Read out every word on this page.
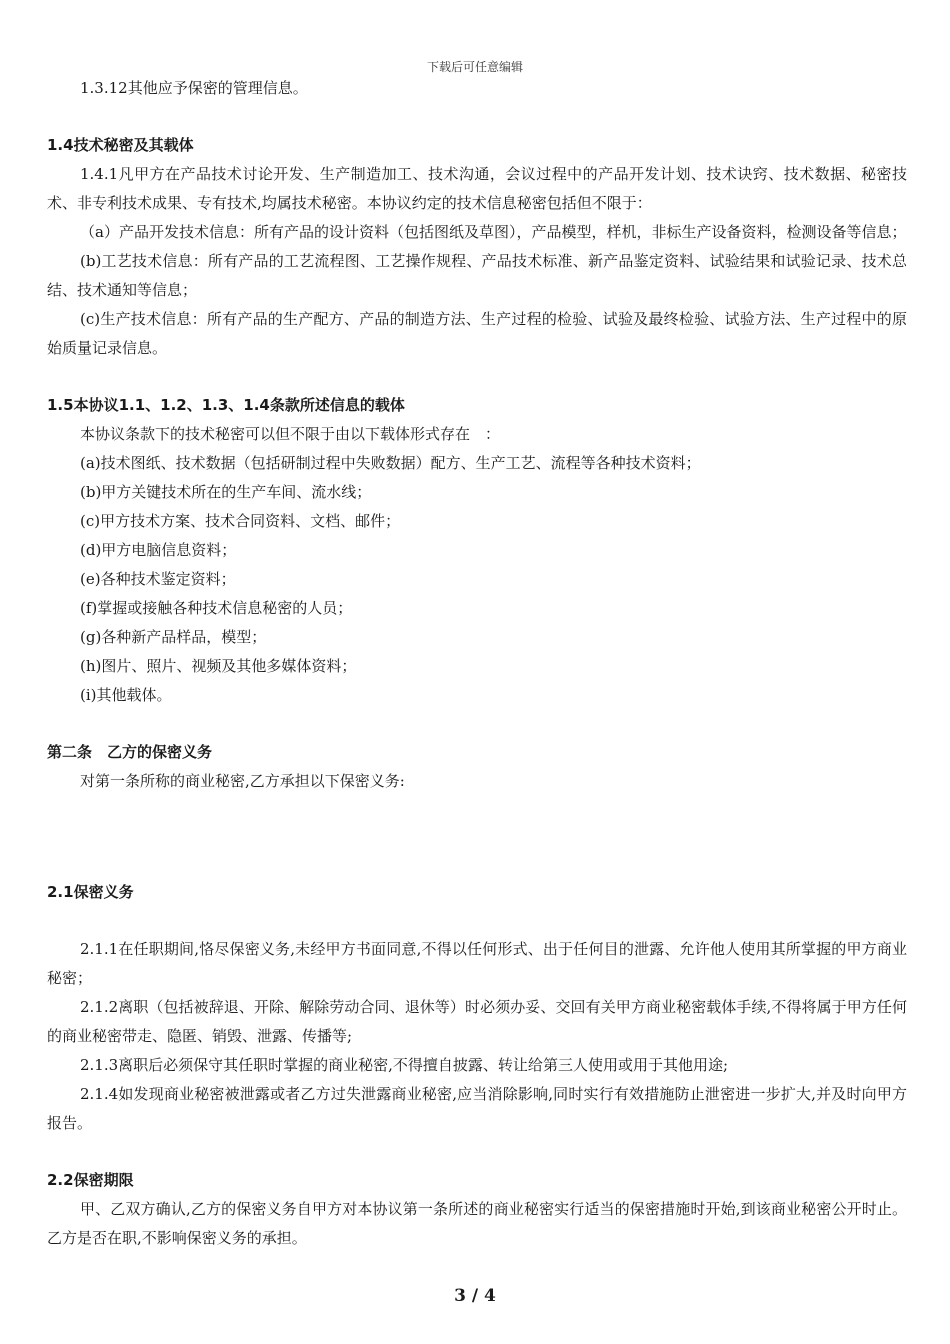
下载后可任意编辑

1.3.12其他应予保密的管理信息。

1.4技术秘密及其载体

1.4.1凡甲方在产品技术讨论开发、生产制造加工、技术沟通，会议过程中的产品开发计划、技术诀窍、技术数据、秘密技术、非专利技术成果、专有技术,均属技术秘密。本协议约定的技术信息秘密包括但不限于：

（a）产品开发技术信息：所有产品的设计资料（包括图纸及草图），产品模型，样机，非标生产设备资料，检测设备等信息；

(b)工艺技术信息：所有产品的工艺流程图、工艺操作规程、产品技术标准、新产品鉴定资料、试验结果和试验记录、技术总结、技术通知等信息；

(c)生产技术信息：所有产品的生产配方、产品的制造方法、生产过程的检验、试验及最终检验、试验方法、生产过程中的原始质量记录信息。

1.5本协议1.1、1.2、1.3、1.4条款所述信息的载体

本协议条款下的技术秘密可以但不限于由以下载体形式存在　：

(a)技术图纸、技术数据（包括研制过程中失败数据）配方、生产工艺、流程等各种技术资料；

(b)甲方关键技术所在的生产车间、流水线；

(c)甲方技术方案、技术合同资料、文档、邮件；

(d)甲方电脑信息资料；

(e)各种技术鉴定资料；

(f)掌握或接触各种技术信息秘密的人员；

(g)各种新产品样品，模型；

(h)图片、照片、视频及其他多媒体资料；

(i)其他载体。

第二条　乙方的保密义务

对第一条所称的商业秘密,乙方承担以下保密义务:

2.1保密义务

2.1.1在任职期间,恪尽保密义务,未经甲方书面同意,不得以任何形式、出于任何目的泄露、允许他人使用其所掌握的甲方商业秘密；

2.1.2离职（包括被辞退、开除、解除劳动合同、退休等）时必须办妥、交回有关甲方商业秘密载体手续,不得将属于甲方任何的商业秘密带走、隐匿、销毁、泄露、传播等;

2.1.3离职后必须保守其任职时掌握的商业秘密,不得擅自披露、转让给第三人使用或用于其他用途;

2.1.4如发现商业秘密被泄露或者乙方过失泄露商业秘密,应当消除影响,同时实行有效措施防止泄密进一步扩大,并及时向甲方报告。

2.2保密期限

甲、乙双方确认,乙方的保密义务自甲方对本协议第一条所述的商业秘密实行适当的保密措施时开始,到该商业秘密公开时止。乙方是否在职,不影响保密义务的承担。

3 / 4
